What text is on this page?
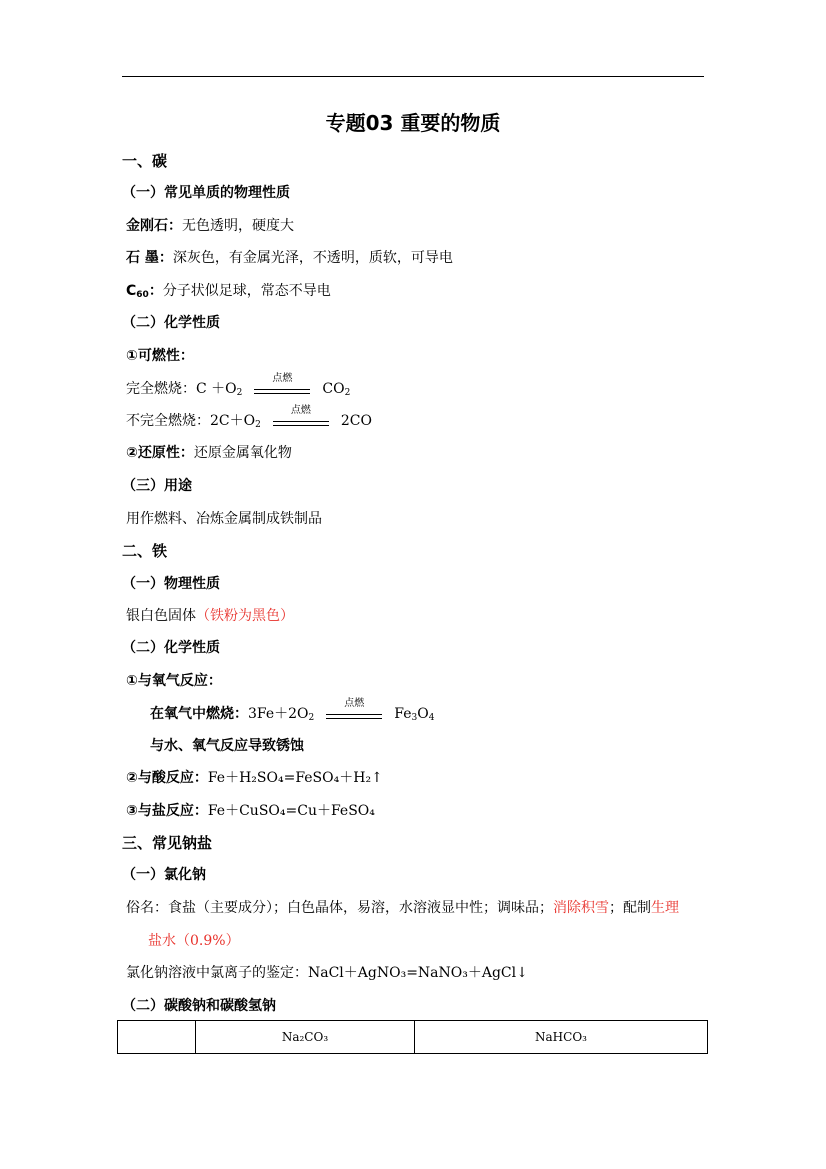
专题03 重要的物质
一、碳
（一）常见单质的物理性质
金刚石：无色透明，硬度大
石 墨：深灰色，有金属光泽，不透明，质软，可导电
$C_{60}$：分子状似足球，常态不导电
（二）化学性质
①可燃性：
完全燃烧：$C +O_2$
点燃
$CO_2$
不完全燃烧：$2C+O_2$
点燃
2CO
②还原性：还原金属氧化物
（三）用途
用作燃料、冶炼金属制成铁制品
二、铁
（一）物理性质
银白色固体（铁粉为黑色）
（二）化学性质
①与氧气反应：
在氧气中燃烧：$3Fe+2O_2$
点燃
$Fe_3O_4$
与水、氧气反应导致锈蚀
②与酸反应：Fe＋H₂SO₄=FeSO₄＋H₂↑
③与盐反应：Fe＋CuSO₄=Cu＋FeSO₄
三、常见钠盐
（一）氯化钠
俗名：食盐（主要成分）；白色晶体，易溶，水溶液显中性；调味品；消除积雪；配制生理
盐水（0.9%）
氯化钠溶液中氯离子的鉴定：NaCl＋AgNO₃=NaNO₃＋AgCl↓
（二）碳酸钠和碳酸氢钠
	Na₂CO₃	NaHCO₃
